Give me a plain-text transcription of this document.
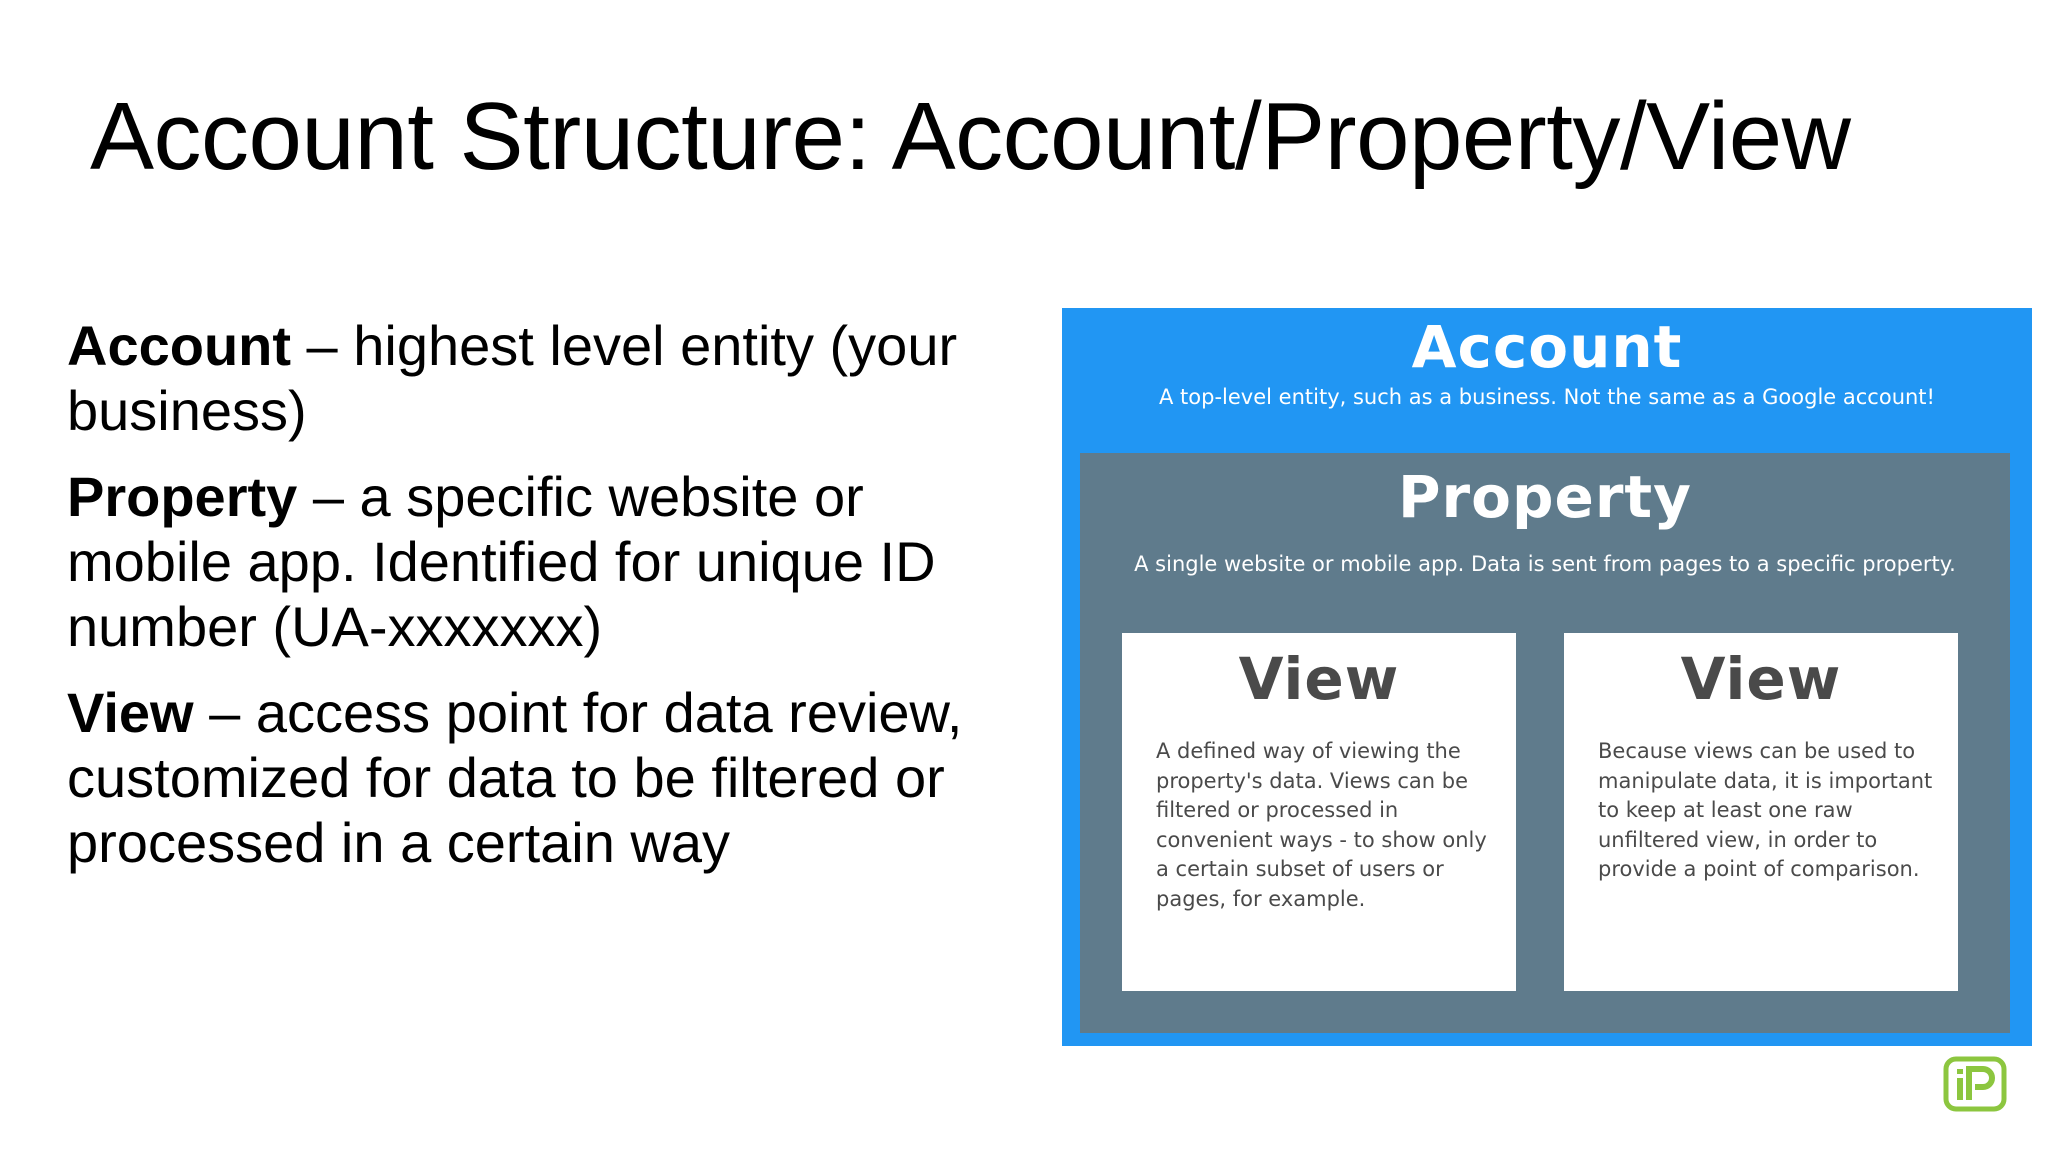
Account Structure: Account/Property/View
Account – highest level entity (your business)
Property – a specific website or mobile app. Identified for unique ID number (UA-xxxxxxx)
View – access point for data review, customized for data to be filtered or processed in a certain way
Account
A top-level entity, such as a business. Not the same as a Google account!
Property
A single website or mobile app. Data is sent from pages to a specific property.
View
A defined way of viewing the property's data. Views can be filtered or processed in convenient ways - to show only a certain subset of users or pages, for example.
View
Because views can be used to manipulate data, it is important to keep at least one raw unfiltered view, in order to provide a point of comparison.
